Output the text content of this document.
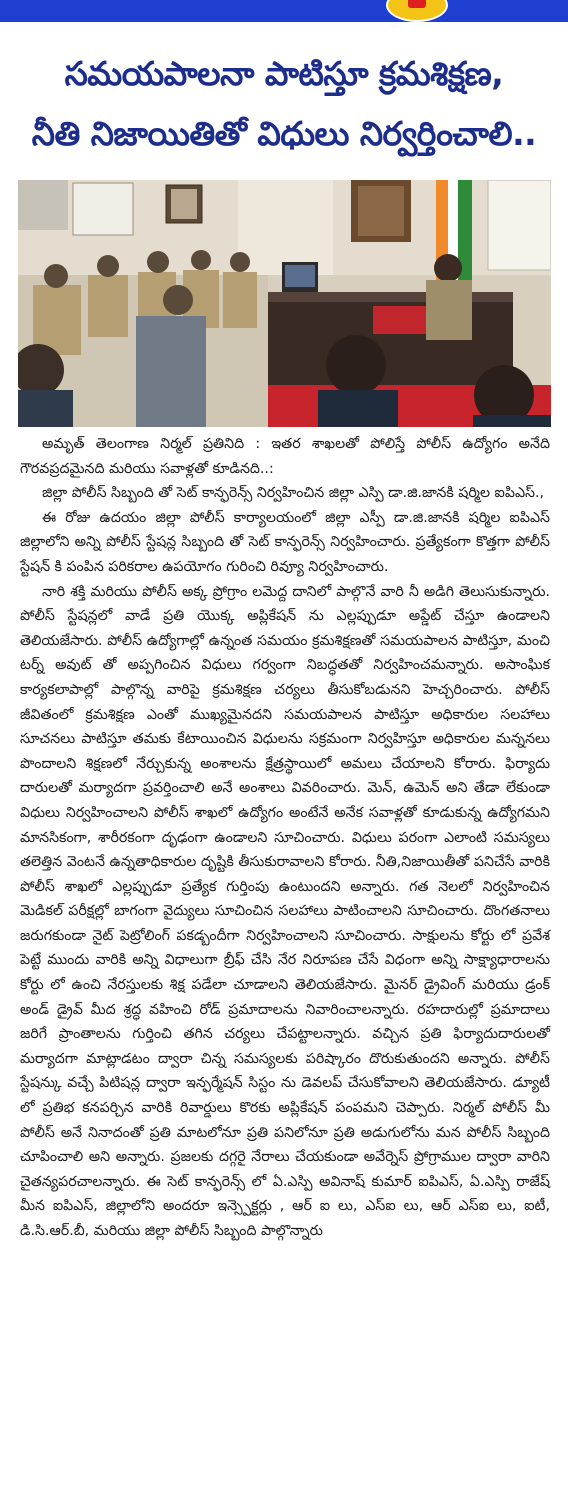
సమయపాలనా పాటిస్తూ క్రమశిక్షణ,
నీతి నిజాయితితో విధులు నిర్వర్తించాలి..

అమృత్ తెలంగాణ నిర్మల్ ప్రతినిది : ఇతర శాఖలతో పోలిస్తే పోలీస్ ఉద్యోగం అనేది గౌరవప్రదమైనది మరియు సవాళ్లతో కూడినది..:

జిల్లా పోలీస్ సిబ్బంది తో సెట్ కాన్ఫరెన్స్ నిర్వహించిన జిల్లా ఎస్పి డా.జి.జానకి షర్మిల ఐపిఎస్.,

ఈ రోజు ఉదయం జిల్లా పోలీస్ కార్యాలయంలో జిల్లా ఎస్పీ డా.జి.జానకి షర్మిల ఐపిఎస్ జిల్లాలోని అన్ని పోలీస్ స్టేషన్ల సిబ్బంది తో సెట్ కాన్ఫరెన్స్ నిర్వహించారు. ప్రత్యేకంగా కొత్తగా పోలీస్ స్టేషన్ కి పంపిన పరికరాల ఉపయోగం గురించి రివ్యూ నిర్వహించారు.

నారి శక్తి మరియు పోలీస్ అక్క ప్రోగ్రాం లమెద్ద దానిలో పాల్గొనే వారి నీ అడిగి తెలుసుకున్నారు. పోలీస్ స్టేషన్లలో వాడే ప్రతి యొక్క అప్లికేషన్ ను ఎల్లప్పుడూ అప్డేట్ చేస్తూ ఉండాలని తెలియజేసారు. పోలీస్ ఉద్యోగాల్లో ఉన్నంత సమయం క్రమశిక్షణతో సమయపాలన పాటిస్తూ, మంచి టర్న్ అవుట్ తో అప్పగించిన విధులు గర్వంగా నిబద్ధతతో నిర్వహించమన్నారు. అసాంఘిక కార్యకలాపాల్లో పాల్గొన్న వారిపై క్రమశిక్షణ చర్యలు తీసుకోబడునని హెచ్చరించారు. పోలీస్ జీవితంలో క్రమశిక్షణ ఎంతో ముఖ్యమైనదని సమయపాలన పాటిస్తూ అధికారుల సలహాలు సూచనలు పాటిస్తూ తమకు కేటాయించిన విధులను సక్రమంగా నిర్వహిస్తూ అధికారుల మన్ననలు పొందాలని శిక్షణలో నేర్చుకున్న అంశాలను క్షేత్రస్థాయిలో అమలు చేయాలని కోరారు. ఫిర్యాదు దారులతో మర్యాదగా ప్రవర్తించాలి అనే అంశాలు వివరించారు. మెన్, ఉమెన్ అని తేడా లేకుండా విధులు నిర్వహించాలని పోలీస్ శాఖలో ఉద్యోగం అంటేనే అనేక సవాళ్లతో కూడుకున్న ఉద్యోగమని మానసికంగా, శారీరకంగా దృఢంగా ఉండాలని సూచించారు. విధులు పరంగా ఎలాంటి సమస్యలు తలెత్తిన వెంటనే ఉన్నతాధికారుల దృష్టికి తీసుకురావాలని కోరారు. నీతి,నిజాయితీతో పనిచేసే వారికి పోలీస్ శాఖలో ఎల్లప్పుడూ ప్రత్యేక గుర్తింపు ఉంటుందని అన్నారు. గత నెలలో నిర్వహించిన మెడికల్ పరీక్షల్లో బాగంగా వైద్యులు సూచించిన సలహాలు పాటించాలని సూచించారు. దొంగతనాలు జరుగకుండా నైట్ పెట్రోలింగ్ పకడ్బందీగా నిర్వహించాలని సూచించారు. సాక్షులను కోర్టు లో ప్రవేశ పెట్టే ముందు వారికి అన్ని విధాలుగా బ్రీఫ్ చేసి నేర నిరూపణ చేసే విధంగా అన్ని సాక్ష్యాధారాలను కోర్టు లో ఉంచి నేరస్తులకు శిక్ష పడేలా చూడాలని తెలియజేసారు. మైనర్ డ్రైవింగ్ మరియు డ్రంక్ అండ్ డ్రైవ్ మీద శ్రద్ధ వహించి రోడ్ ప్రమాదాలను నివారించాలన్నారు. రహదారుల్లో ప్రమాదాలు జరిగే ప్రాంతాలను గుర్తించి తగిన చర్యలు చేపట్టాలన్నారు. వచ్చిన ప్రతి ఫిర్యాదుదారులతో మర్యాదగా మాట్లాడటం ద్వారా చిన్న సమస్యలకు పరిష్కారం దొరుకుతుందని అన్నారు. పోలీస్ స్టేషన్కు వచ్చే పిటిషన్ల ద్వారా ఇన్ఫర్మేషన్ సిస్టం ను డెవలప్ చేసుకోవాలని తెలియజేసారు. డ్యూటీ లో ప్రతిభ కనపర్చిన వారికి రివార్డులు కొరకు అప్లికేషన్ పంపమని చెప్పారు. నిర్మల్ పోలీస్ మీ పోలీస్ అనే నినాదంతో ప్రతి మాటలోనూ ప్రతి పనిలోనూ ప్రతి అడుగులోను మన పోలీస్ సిబ్బంది చూపించాలి అని అన్నారు. ప్రజలకు దగ్గరై నేరాలు చేయకుండా అవేర్నెస్ ప్రోగ్రాముల ద్వారా వారిని చైతన్యపరచాలన్నారు. ఈ సెట్ కాన్ఫరెన్స్ లో ఏ.ఎస్పి అవినాష్ కుమార్ ఐపిఎస్, ఏ.ఎస్పి రాజేష్ మీన ఐపిఎస్, జిల్లాలోని అందరూ ఇన్స్పెక్టర్లు , ఆర్ ఐ లు, ఎస్ఐ లు, ఆర్ ఎస్ఐ లు, ఐటీ, డి.సి.ఆర్.బీ, మరియు జిల్లా పోలీస్ సిబ్బంది పాల్గొన్నారు
